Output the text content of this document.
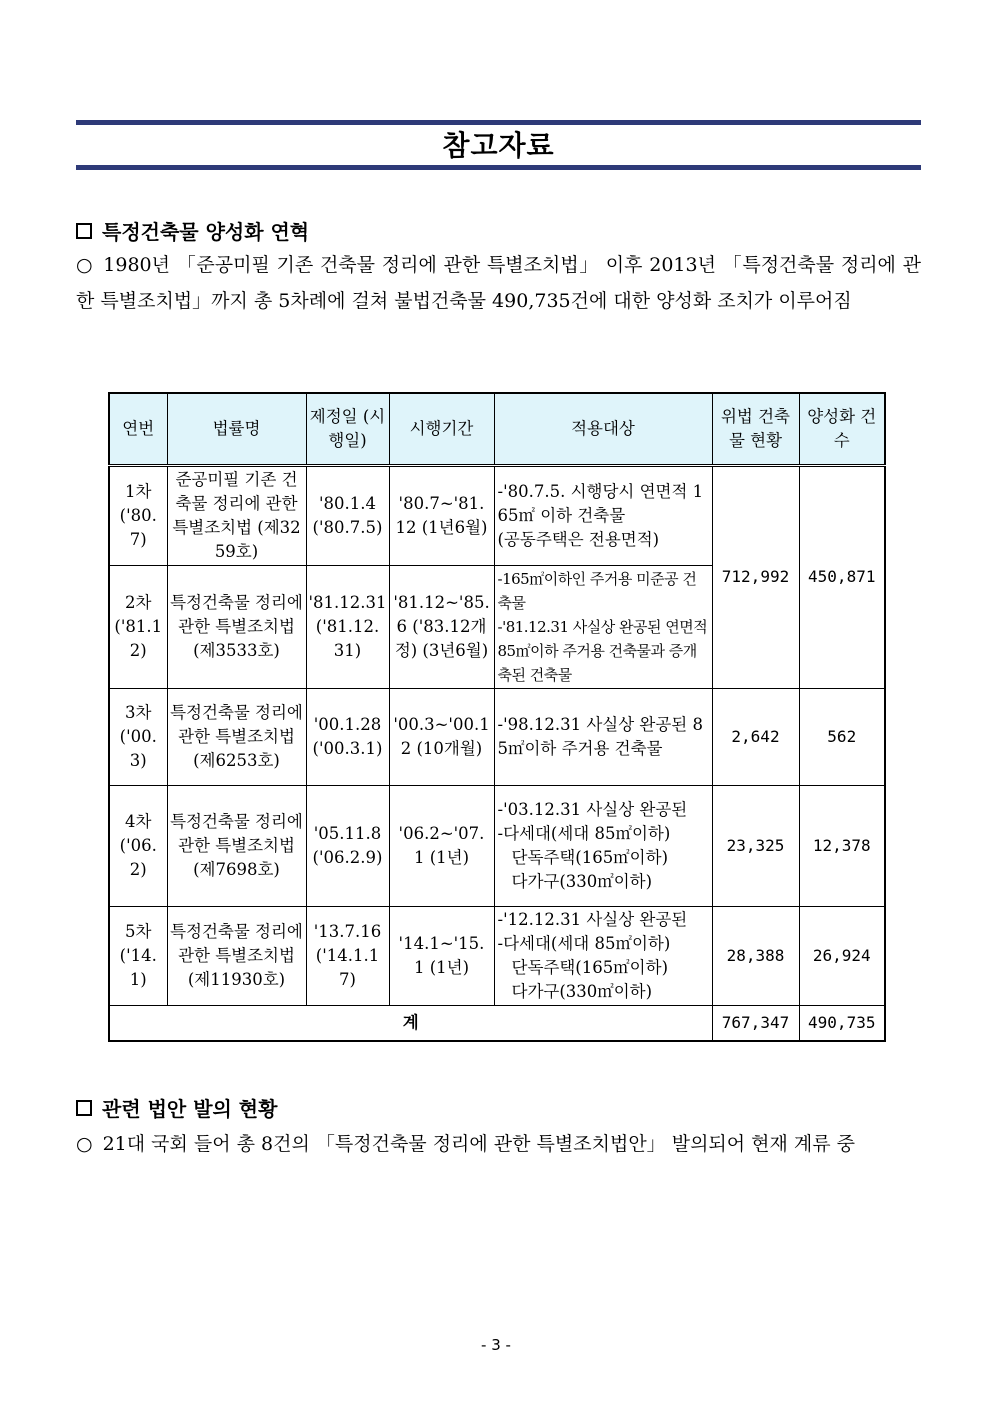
참고자료
특정건축물 양성화 연혁
○ 1980년 「준공미필 기존 건축물 정리에 관한 특별조치법」 이후 2013년 「특정건축물 정리에 관한 특별조치법」까지 총 5차례에 걸쳐 불법건축물 490,735건에 대한 양성화 조치가 이루어짐
연번	법률명	제정일 (시행일)	시행기간	적용대상	위법 건축물 현황	양성화 건수
1차 ('80. 7)	준공미필 기존 건축물 정리에 관한 특별조치법 (제3259호)	'80.1.4 ('80.7.5)	'80.7~'81. 12 (1년6월)	-'80.7.5. 시행당시 연면적 165㎡ 이하 건축물
(공동주택은 전용면적)	712,992	450,871
2차 ('81.12)	특정건축물 정리에 관한 특별조치법 (제3533호)	'81.12.31 ('81.12. 31)	'81.12~'85. 6 ('83.12개정) (3년6월)	-165㎡이하인 주거용 미준공 건축물
-'81.12.31 사실상 완공된 연면적 85㎡이하 주거용 건축물과 증개축된 건축물		

3차 ('00. 3)	특정건축물 정리에 관한 특별조치법 (제6253호)	'00.1.28 ('00.3.1)	'00.3~'00.12 (10개월)	-'98.12.31 사실상 완공된 85㎡이하 주거용 건축물	2,642	562
4차 ('06. 2)	특정건축물 정리에 관한 특별조치법 (제7698호)	'05.11.8 ('06.2.9)	'06.2~'07. 1 (1년)	-'03.12.31 사실상 완공된
-다세대(세대 85㎡이하)
단독주택(165㎡이하)
다가구(330㎡이하)	23,325	12,378
5차 ('14. 1)	특정건축물 정리에 관한 특별조치법 (제11930호)	'13.7.16 ('14.1.17)	'14.1~'15. 1 (1년)	-'12.12.31 사실상 완공된
-다세대(세대 85㎡이하)
단독주택(165㎡이하)
다가구(330㎡이하)	28,388	26,924
계					767,347	490,735
관련 법안 발의 현황
○ 21대 국회 들어 총 8건의 「특정건축물 정리에 관한 특별조치법안」 발의되어 현재 계류 중
- 3 -
